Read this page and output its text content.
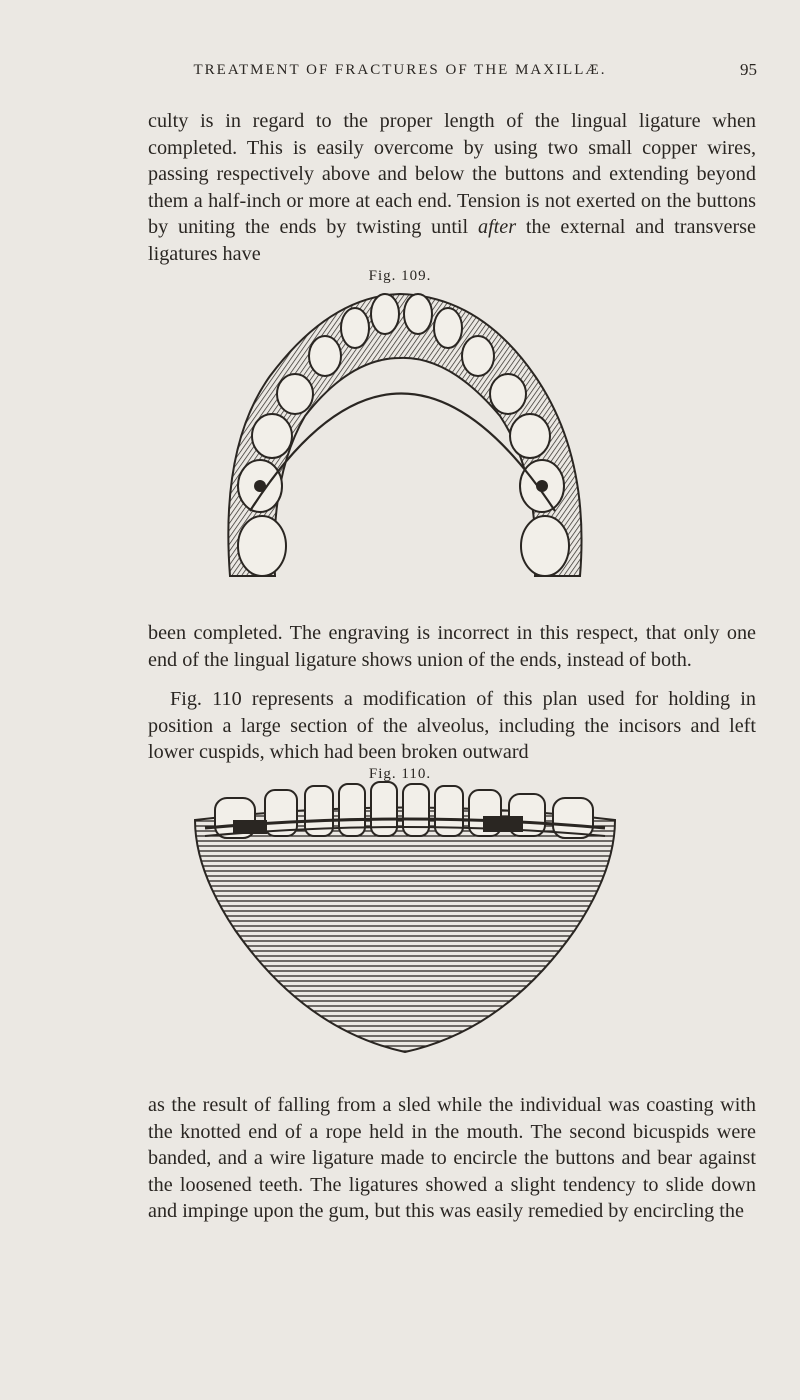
TREATMENT OF FRACTURES OF THE MAXILLÆ.	95

culty is in regard to the proper length of the lingual ligature when completed. This is easily overcome by using two small copper wires, passing respectively above and below the buttons and extending beyond them a half-inch or more at each end. Tension is not exerted on the buttons by uniting the ends by twisting until after the external and transverse ligatures have

Fig. 109.

been completed. The engraving is incorrect in this respect, that only one end of the lingual ligature shows union of the ends, instead of both.

Fig. 110 represents a modification of this plan used for holding in position a large section of the alveolus, including the incisors and left lower cuspids, which had been broken outward

Fig. 110.

as the result of falling from a sled while the individual was coasting with the knotted end of a rope held in the mouth. The second bicuspids were banded, and a wire ligature made to encircle the buttons and bear against the loosened teeth. The ligatures showed a slight tendency to slide down and impinge upon the gum, but this was easily remedied by encircling the
